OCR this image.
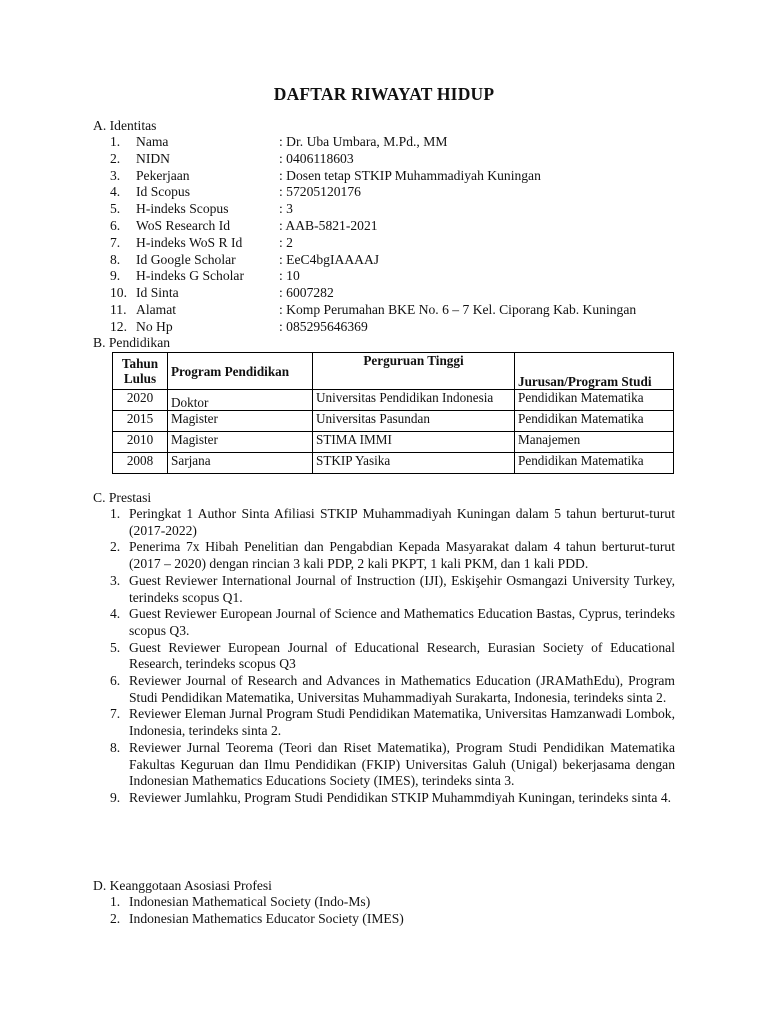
DAFTAR RIWAYAT HIDUP
A. Identitas
1. Nama	: Dr. Uba Umbara, M.Pd., MM
2. NIDN	: 0406118603
3. Pekerjaan	: Dosen tetap STKIP Muhammadiyah Kuningan
4. Id Scopus	: 57205120176
5. H-indeks Scopus	: 3
6. WoS Research Id	: AAB-5821-2021
7. H-indeks WoS R Id	: 2
8. Id Google Scholar	: EeC4bgIAAAAJ
9. H-indeks G Scholar	: 10
10. Id Sinta	: 6007282
11. Alamat	: Komp Perumahan BKE No. 6 – 7 Kel. Ciporang Kab. Kuningan
12. No Hp	: 085295646369
B. Pendidikan
Tahun Lulus	Program Pendidikan	Perguruan Tinggi	Jurusan/Program Studi
2020	Doktor	Universitas Pendidikan Indonesia	Pendidikan Matematika
2015	Magister	Universitas Pasundan	Pendidikan Matematika
2010	Magister	STIMA IMMI	Manajemen
2008	Sarjana	STKIP Yasika	Pendidikan Matematika
C. Prestasi
1. Peringkat 1 Author Sinta Afiliasi STKIP Muhammadiyah Kuningan dalam 5 tahun berturut-turut (2017-2022)
2. Penerima 7x Hibah Penelitian dan Pengabdian Kepada Masyarakat dalam 4 tahun berturut-turut (2017 – 2020) dengan rincian 3 kali PDP, 2 kali PKPT, 1 kali PKM, dan 1 kali PDD.
3. Guest Reviewer International Journal of Instruction (IJI), Eskişehir Osmangazi University Turkey, terindeks scopus Q1.
4. Guest Reviewer European Journal of Science and Mathematics Education Bastas, Cyprus, terindeks scopus Q3.
5. Guest Reviewer European Journal of Educational Research, Eurasian Society of Educational Research, terindeks scopus Q3
6. Reviewer Journal of Research and Advances in Mathematics Education (JRAMathEdu), Program Studi Pendidikan Matematika, Universitas Muhammadiyah Surakarta, Indonesia, terindeks sinta 2.
7. Reviewer Eleman Jurnal Program Studi Pendidikan Matematika, Universitas Hamzanwadi Lombok, Indonesia, terindeks sinta 2.
8. Reviewer Jurnal Teorema (Teori dan Riset Matematika), Program Studi Pendidikan Matematika Fakultas Keguruan dan Ilmu Pendidikan (FKIP) Universitas Galuh (Unigal) bekerjasama dengan Indonesian Mathematics Educations Society (IMES), terindeks sinta 3.
9. Reviewer Jumlahku, Program Studi Pendidikan STKIP Muhammdiyah Kuningan, terindeks sinta 4.
D. Keanggotaan Asosiasi Profesi
1. Indonesian Mathematical Society (Indo-Ms)
2. Indonesian Mathematics Educator Society (IMES)
